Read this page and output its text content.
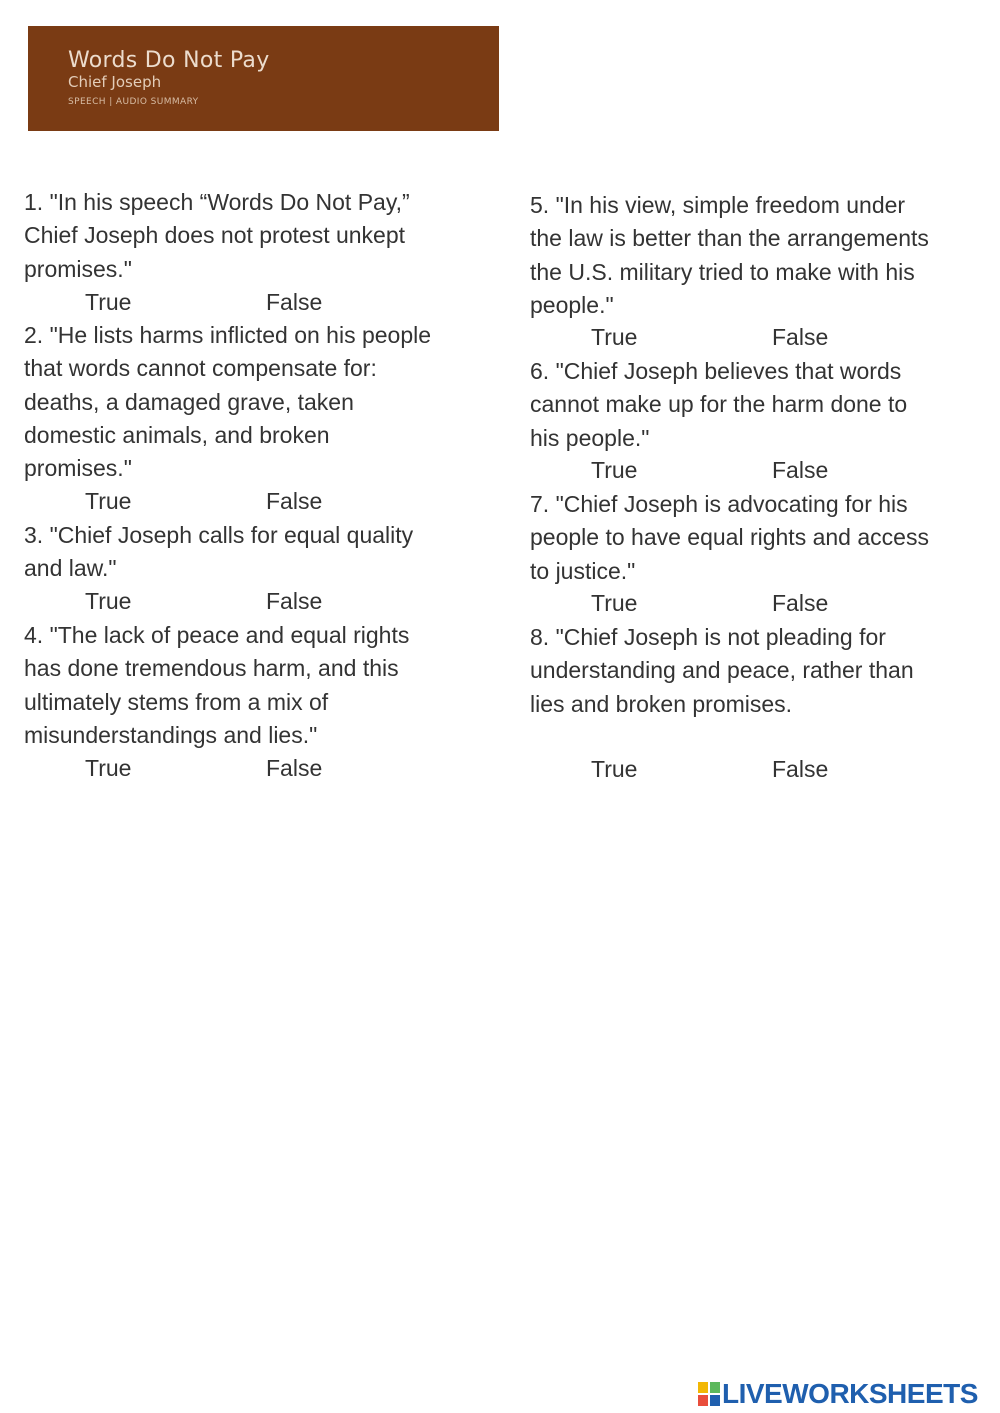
Words Do Not Pay
Chief Joseph
SPEECH | AUDIO SUMMARY

1. "In his speech “Words Do Not Pay,”
Chief Joseph does not protest unkept
promises."

True	False

2. "He lists harms inflicted on his people
that words cannot compensate for:
deaths, a damaged grave, taken
domestic animals, and broken
promises."

True	False

3. "Chief Joseph calls for equal quality
and law."

True	False

4. "The lack of peace and equal rights
has done tremendous harm, and this
ultimately stems from a mix of
misunderstandings and lies."

True	False

5. "In his view, simple freedom under
the law is better than the arrangements
the U.S. military tried to make with his
people."

True	False

6. "Chief Joseph believes that words
cannot make up for the harm done to
his people."

True	False

7. "Chief Joseph is advocating for his
people to have equal rights and access
to justice."

True	False

8. "Chief Joseph is not pleading for
understanding and peace, rather than
lies and broken promises.

True	False
LIVEWORKSHEETS
